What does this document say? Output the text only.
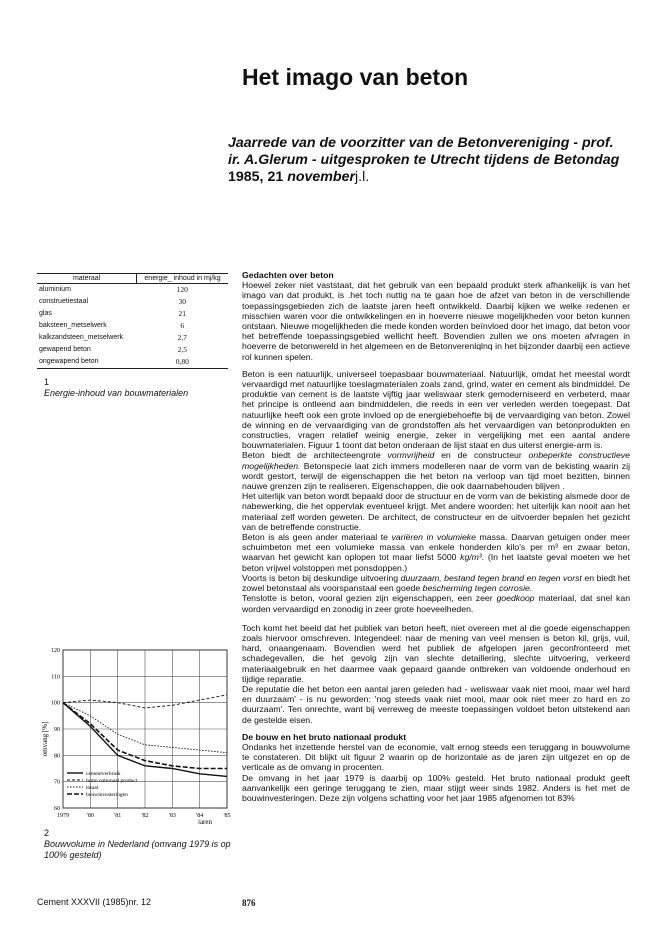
Het imago van beton

Jaarrede van de voorzitter van de Betonvereniging - prof. ir. A.Glerum - uitgesproken te Utrecht tijdens de Betondag 1985, 21 novemberj.l.

materaal	energie_ inhoud in mj/kg
aluminium	120
construetiestaal	30
glas	21
baksteen_metselwerk	6
kalkzandsteen_metselwerk	2,7
gewapend beton	2,5
ongewapend beton	0,80
1
Energie-inhoud van bouwmaterialen
omvang [%]
jaren
1979	'80	'81	'82	'83	'84	'85
60
70
80
90
100
110
120
cementverbruik
bruto nationaal product
totaal
bouwinvesteringen
2
Bouwvolume in Nederland (omvang 1979 is op 100% gesteld)
Gedachten over beton

Hoewel zeker niet vaststaat, dat het gebruik van een bepaald produkt sterk afhankelijk is van het imago van dat produkt, is .het toch nuttig na te gaan hoe de afzet van beton in de verschillende toepassingsgebieden zich de laatste jaren heeft ontwikkeld. Daarbij kijken we welke redenen er misschien waren voor die ontwikkelingen en in hoeverre nieuwe mogelijkheden voor beton kunnen ontstaan. Nieuwe mogelijkheden die mede konden worden beïnvloed door het imago, dat beton voor het betreffende toepassingsgebied wellicht heeft. Bovendien zullen we ons moeten afvragen in hoeverre de betonwereld in het algemeen en de Betonverenlqlnq in het bijzonder daarbij een actieve rol kunnen spelen.

Beton is een natuurlijk, universeel toepasbaar bouwmateriaal. Natuurlijk, omdat het meestal wordt vervaardigd met natuurlijke toeslagmaterialen zoals zand, grind, water en cement als bindmiddel. De produktie van cement is de laatste vijftig jaar weliswaar sterk gemoderniseerd en verbeterd, maar het principe is ontleend aan bindmiddelen, die reeds in een ver verleden werden toegepast. Dat natuurlijke heeft ook een grote invloed op de energiebehoefte bij de vervaardiging van beton. Zowel de winning en de vervaardiging van de grondstoffen als het vervaardigen van betonprodukten en constructies, vragen relatief weinig energie, zeker in vergelijking met een aantal andere bouwmaterialen. Figuur 1 toont dat beton onderaan de lijst staat en dus uiterst energie-arm is.
Beton biedt de architecteengrote vormvrijheid en de constructeur onbeperkte constructieve mogelijkheden. Betonspecie laat zich immers modelleren naar de vorm van de bekisting waarin zij wordt gestort, terwijl de eigenschappen die het beton na verloop van tijd moet bezitten, binnen nauwe grenzen zijn te realiseren. Eigenschappen, die ook daarnabehouden blijven .
Het uiterlijk van beton wordt bepaald door de structuur en de vorm van de bekisting alsmede door de nabewerking, die het oppervlak eventueel krijgt. Met andere woorden: het uiterlijk kan nooit aan het materiaal zelf worden geweten. De architect, de constructeur en de uitvoerder bepalen het gezicht van de betreffende constructie.
Beton is als geen ander materiaal te variëren in volumieke massa. Daarvan getuigen onder meer schuimbeton met een volumieke massa van enkele honderden kilo's per m³ en zwaar beton, waarvan het gewicht kan oplopen tot maar liefst 5000 kg/m³. (In het laatste geval moeten we het beton vrijwel volstoppen met ponsdoppen.)
Voorts is beton bij deskundige uitvoering duurzaam, bestand tegen brand en tegen vorst en biedt het zowel betonstaal als voorspanstaal een goede bescherming tegen corrosie.
Tenslotte is beton, vooral gezien zijn eigenschappen, een zeer goedkoop materiaal, dat snel kan worden vervaardigd en zonodig in zeer grote hoeveelheden.

Toch komt het beeld dat het publiek van beton heeft, niet overeen met al die goede eigenschappen zoals hiervoor omschreven. Integendeel: naar de mening van veel mensen is beton kil, grijs, vuil, hard, onaangenaam. Bovendien werd het publiek de afgelopen jaren geconfronteerd met schadegevallen, die het gevolg zijn van slechte detaillering, slechte uitvoering, verkeerd materiaalgebruik en het daarmee vaak gepaard gaande ontbreken van voldoende onderhoud en tijdige reparatie.

De reputatie die het beton een aantal jaren geleden had - weliswaar vaak niet mooi, maar wel hard en duurzaam' - is nu geworden: 'nog steeds vaak niet mooi, maar ook niet meer zo hard en zo duurzaam'. Ten onrechte, want bij verreweg de meeste toepassingen voldoet beton uitstekend aan de gestelde eisen.

De bouw en het bruto nationaal produkt

Ondanks het inzettende herstel van de economie, valt ernog steeds een teruggang in bouwvolume te constateren. Dit blijkt uit figuur 2 waarin op de horizontale as de jaren zijn uitgezet en op de verticale as de omvang in procenten.

De omvang in het jaar 1979 is daarbij op 100% gesteld. Het bruto nationaal produkt geeft aanvankelijk een geringe teruggang te zien, maar stijgt weer sinds 1982. Anders is het met de bouwinvesteringen. Deze zijn volgens schatting voor het jaar 1985 afgenomen tot 83%

Cement XXXVII (1985)nr. 12	876
